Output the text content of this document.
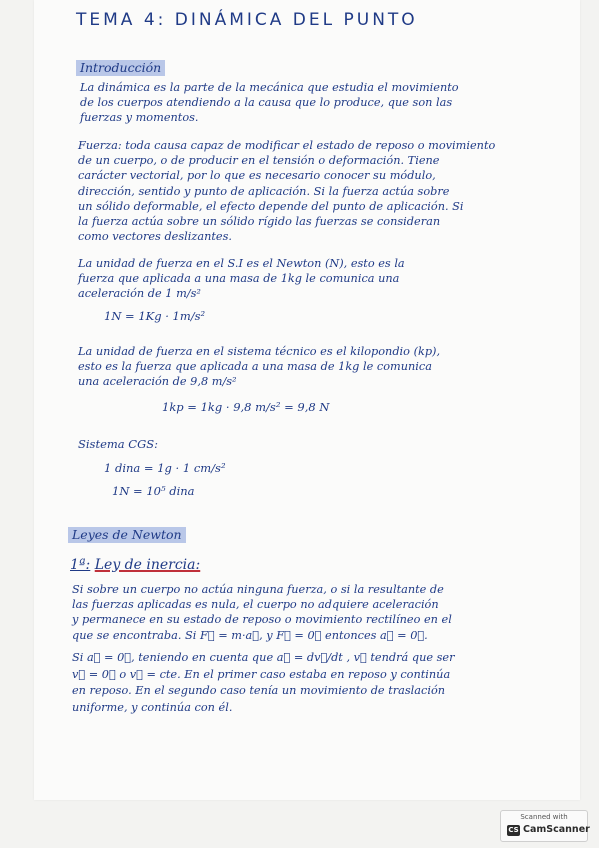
TEMA 4: DINÁMICA DEL PUNTO
Introducción
La dinámica es la parte de la mecánica que estudia el movimiento
de los cuerpos atendiendo a la causa que lo produce, que son las
fuerzas y momentos.
Fuerza: toda causa capaz de modificar el estado de reposo o movimiento
de un cuerpo, o de producir en el tensión o deformación. Tiene
carácter vectorial, por lo que es necesario conocer su módulo,
dirección, sentido y punto de aplicación. Si la fuerza actúa sobre
un sólido deformable, el efecto depende del punto de aplicación. Si
la fuerza actúa sobre un sólido rígido las fuerzas se consideran
como vectores deslizantes.
La unidad de fuerza en el S.I es el Newton (N), esto es la
fuerza que aplicada a una masa de 1kg le comunica una
aceleración de 1 m/s²
1N = 1Kg · 1m/s²
La unidad de fuerza en el sistema técnico es el kilopondio (kp),
esto es la fuerza que aplicada a una masa de 1kg le comunica
una aceleración de 9,8 m/s²
1kp = 1kg · 9,8 m/s² = 9,8 N
Sistema CGS:
1 dina = 1g · 1 cm/s²
1N = 10⁵ dina
Leyes de Newton
1ª: Ley de inercia:
Si sobre un cuerpo no actúa ninguna fuerza, o si la resultante de
las fuerzas aplicadas es nula, el cuerpo no adquiere aceleración
y permanece en su estado de reposo o movimiento rectilíneo en el
que se encontraba. Si F⃗ = m·a⃗, y F⃗ = 0⃗ entonces a⃗ = 0⃗.
Si a⃗ = 0⃗, teniendo en cuenta que a⃗ = dv⃗/dt , v⃗ tendrá que ser
v⃗ = 0⃗ o v⃗ = cte. En el primer caso estaba en reposo y continúa
en reposo. En el segundo caso tenía un movimiento de traslación
uniforme, y continúa con él.
Scanned with
CS CamScanner
